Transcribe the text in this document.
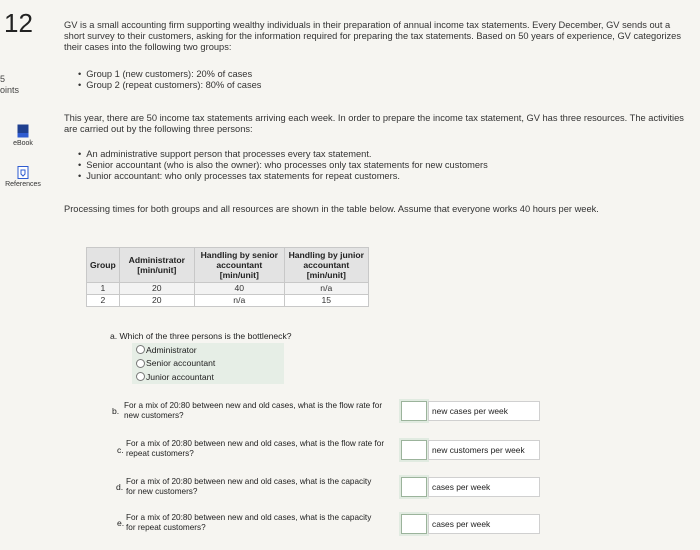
12
5
oints
eBook
References
GV is a small accounting firm supporting wealthy individuals in their preparation of annual income tax statements. Every December, GV sends out a short survey to their customers, asking for the information required for preparing the tax statements. Based on 50 years of experience, GV categorizes their cases into the following two groups:
• Group 1 (new customers): 20% of cases
• Group 2 (repeat customers): 80% of cases
This year, there are 50 income tax statements arriving each week. In order to prepare the income tax statement, GV has three resources. The activities are carried out by the following three persons:
• An administrative support person that processes every tax statement.
• Senior accountant (who is also the owner): who processes only tax statements for new customers
• Junior accountant: who only processes tax statements for repeat customers.
Processing times for both groups and all resources are shown in the table below. Assume that everyone works 40 hours per week.
Group	Administrator [min/unit]	Handling by senior accountant [min/unit]	Handling by junior accountant [min/unit]
1	20	40	n/a
2	20	n/a	15
a. Which of the three persons is the bottleneck?
Administrator
Senior accountant
Junior accountant
b.
For a mix of 20:80 between new and old cases, what is the flow rate for new customers?	new cases per week
c.
For a mix of 20:80 between new and old cases, what is the flow rate for repeat customers?	new customers per week
d.
For a mix of 20:80 between new and old cases, what is the capacity for new customers?	cases per week
e.
For a mix of 20:80 between new and old cases, what is the capacity for repeat customers?	cases per week
